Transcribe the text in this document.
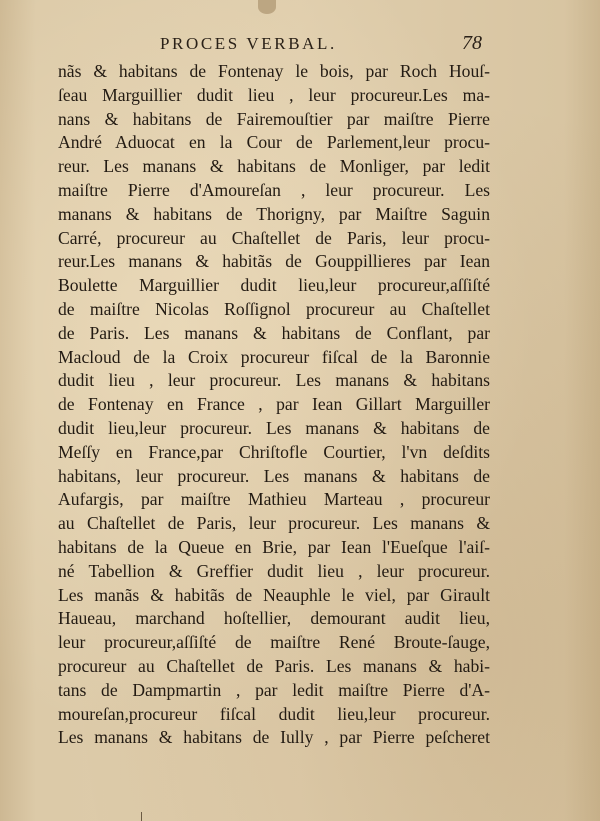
PROCES VERBAL.	78
nãs & habitans de Fontenay le bois, par Roch Houſ-
ſeau Marguillier dudit lieu , leur procureur.Les ma-
nans & habitans de Fairemouſtier par maiſtre Pierre
André Aduocat en la Cour de Parlement,leur procu-
reur. Les manans & habitans de Monliger, par ledit
maiſtre Pierre d'Amoureſan , leur procureur. Les
manans & habitans de Thorigny, par Maiſtre Saguin
Carré, procureur au Chaſtellet de Paris, leur procu-
reur.Les manans & habitãs de Gouppillieres par Iean
Boulette Marguillier dudit lieu,leur procureur,aſſiſté
de maiſtre Nicolas Roſſignol procureur au Chaſtellet
de Paris. Les manans & habitans de Conflant, par
Macloud de la Croix procureur fiſcal de la Baronnie
dudit lieu , leur procureur. Les manans & habitans
de Fontenay en France , par Iean Gillart Marguiller
dudit lieu,leur procureur. Les manans & habitans de
Meſſy en France,par Chriſtofle Courtier, l'vn deſdits
habitans, leur procureur. Les manans & habitans de
Aufargis, par maiſtre Mathieu Marteau , procureur
au Chaſtellet de Paris, leur procureur. Les manans &
habitans de la Queue en Brie, par Iean l'Eueſque l'aiſ-
né Tabellion & Greffier dudit lieu , leur procureur.
Les manãs & habitãs de Neauphle le viel, par Girault
Haueau, marchand hoſtellier, demourant audit lieu,
leur procureur,aſſiſté de maiſtre René Broute-ſauge,
procureur au Chaſtellet de Paris. Les manans & habi-
tans de Dampmartin , par ledit maiſtre Pierre d'A-
moureſan,procureur fiſcal dudit lieu,leur procureur.
Les manans & habitans de Iully , par Pierre peſcheret
